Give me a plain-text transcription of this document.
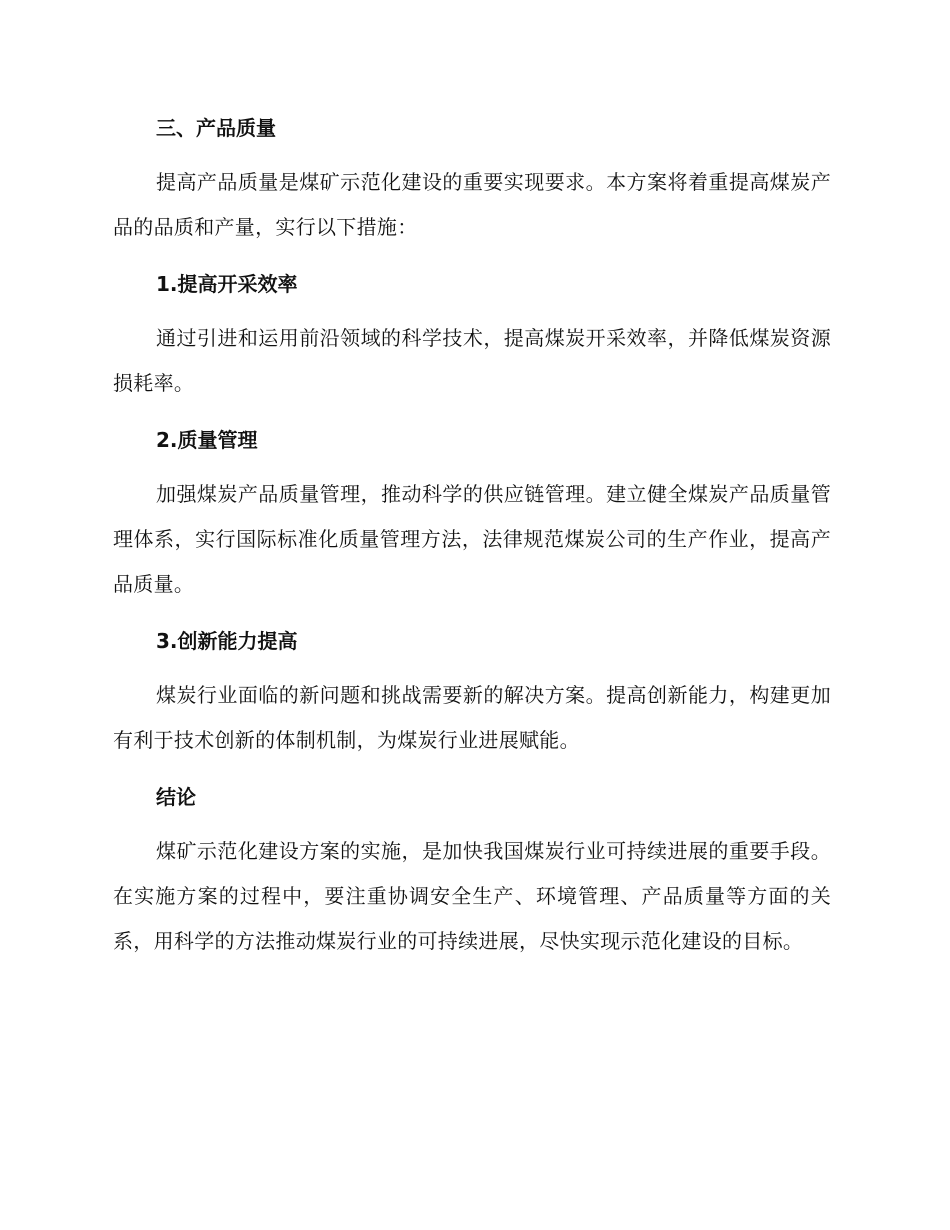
三、产品质量

提高产品质量是煤矿示范化建设的重要实现要求。本方案将着重提高煤炭产品的品质和产量，实行以下措施：

1.提高开采效率

通过引进和运用前沿领域的科学技术，提高煤炭开采效率，并降低煤炭资源损耗率。

2.质量管理

加强煤炭产品质量管理，推动科学的供应链管理。建立健全煤炭产品质量管理体系，实行国际标准化质量管理方法，法律规范煤炭公司的生产作业，提高产品质量。

3.创新能力提高

煤炭行业面临的新问题和挑战需要新的解决方案。提高创新能力，构建更加有利于技术创新的体制机制，为煤炭行业进展赋能。

结论

煤矿示范化建设方案的实施，是加快我国煤炭行业可持续进展的重要手段。在实施方案的过程中，要注重协调安全生产、环境管理、产品质量等方面的关系，用科学的方法推动煤炭行业的可持续进展，尽快实现示范化建设的目标。
